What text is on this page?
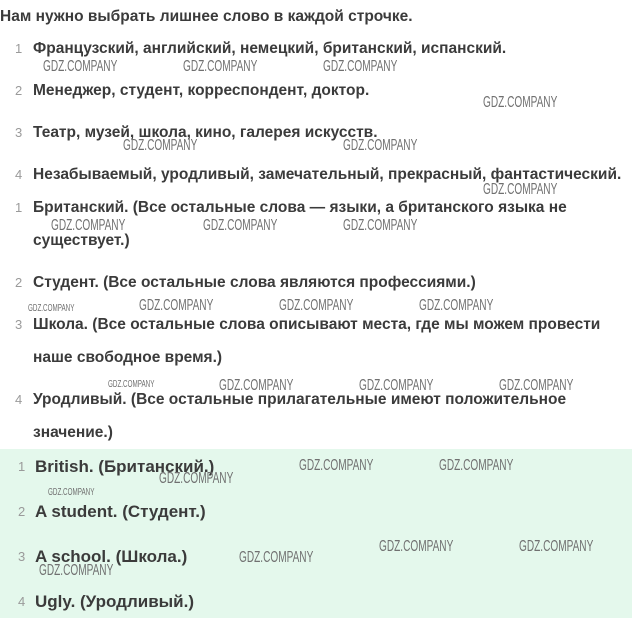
Нам нужно выбрать лишнее слово в каждой строчке.
1 Французский, английский, немецкий, британский, испанский.
2 Менеджер, студент, корреспондент, доктор.
3 Театр, музей, школа, кино, галерея искусств.
4 Незабываемый, уродливый, замечательный, прекрасный, фантастический.
1 Британский. (Все остальные слова — языки, а британского языка не
существует.)
2 Студент. (Все остальные слова являются профессиями.)
3 Школа. (Все остальные слова описывают места, где мы можем провести
наше свободное время.)
4 Уродливый. (Все остальные прилагательные имеют положительное
значение.)
1 British. (Британский.)
2 A student. (Студент.)
3 A school. (Школа.)
4 Ugly. (Уродливый.)
GDZ.COMPANY	GDZ.COMPANY	GDZ.COMPANY
GDZ.COMPANY
GDZ.COMPANY	GDZ.COMPANY
GDZ.COMPANY
GDZ.COMPANY	GDZ.COMPANY	GDZ.COMPANY
GDZ.COMPANY	GDZ.COMPANY	GDZ.COMPANY	GDZ.COMPANY
GDZ.COMPANY	GDZ.COMPANY	GDZ.COMPANY	GDZ.COMPANY
GDZ.COMPANY
GDZ.COMPANY	GDZ.COMPANY
GDZ.COMPANY
GDZ.COMPANY	GDZ.COMPANY
GDZ.COMPANY
GDZ.COMPANY
